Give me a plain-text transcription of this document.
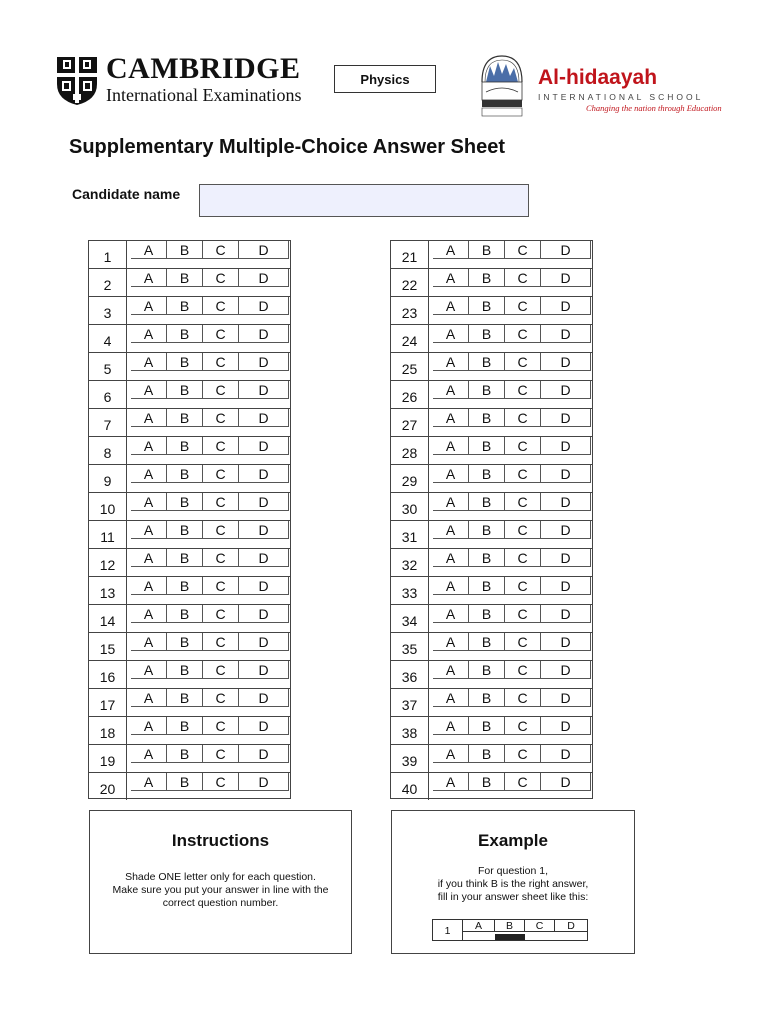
CAMBRIDGE
International Examinations
Physics	Al-hidaayah
INTERNATIONAL SCHOOL
Changing the nation through Education
Supplementary Multiple-Choice Answer Sheet
Candidate name
1	A	B	C	D
2	A	B	C	D
3	A	B	C	D
4	A	B	C	D
5	A	B	C	D
6	A	B	C	D
7	A	B	C	D
8	A	B	C	D
9	A	B	C	D
10	A	B	C	D
11	A	B	C	D
12	A	B	C	D
13	A	B	C	D
14	A	B	C	D
15	A	B	C	D
16	A	B	C	D
17	A	B	C	D
18	A	B	C	D
19	A	B	C	D
20	A	B	C	D
21	A	B	C	D
22	A	B	C	D
23	A	B	C	D
24	A	B	C	D
25	A	B	C	D
26	A	B	C	D
27	A	B	C	D
28	A	B	C	D
29	A	B	C	D
30	A	B	C	D
31	A	B	C	D
32	A	B	C	D
33	A	B	C	D
34	A	B	C	D
35	A	B	C	D
36	A	B	C	D
37	A	B	C	D
38	A	B	C	D
39	A	B	C	D
40	A	B	C	D
Instructions
Shade ONE letter only for each question.
Make sure you put your answer in line with the
correct question number.
Example
For question 1,
if you think B is the right answer,
fill in your answer sheet like this:
1	A	B	C	D
